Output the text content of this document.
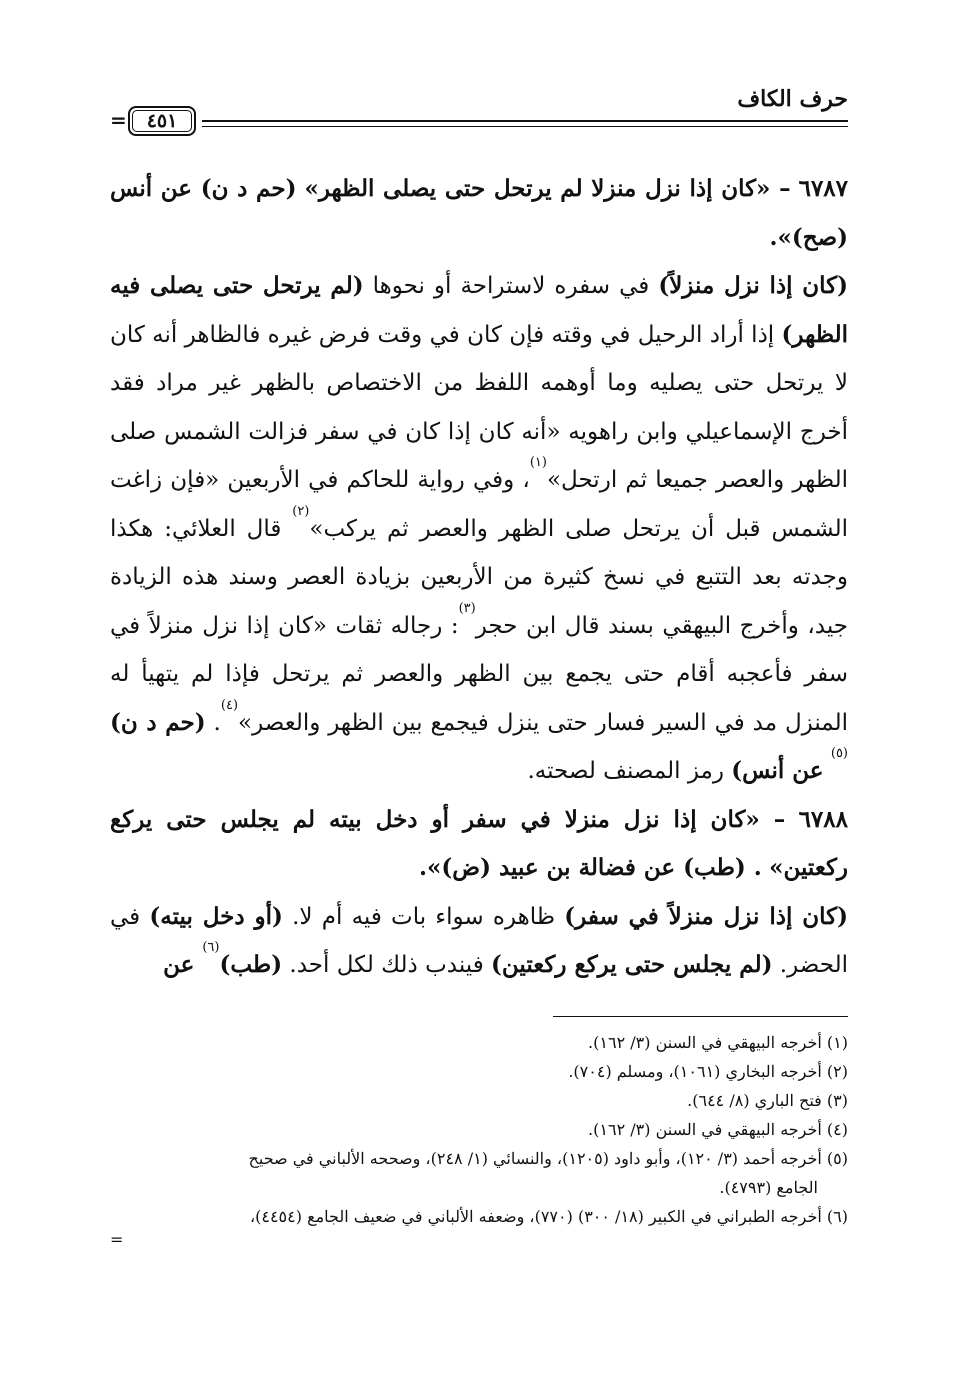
حرف الكاف
٤٥١
=

٦٧٨٧ – «كان إذا نزل منزلا لم يرتحل حتى يصلى الظهر» (حم د ن) عن أنس (صح)».

(كان إذا نزل منزلاً) في سفره لاستراحة أو نحوها (لم يرتحل حتى يصلى فيه الظهر) إذا أراد الرحيل في وقته فإن كان في وقت فرض غيره فالظاهر أنه كان لا يرتحل حتى يصليه وما أوهمه اللفظ من الاختصاص بالظهر غير مراد فقد أخرج الإسماعيلي وابن راهويه «أنه كان إذا كان في سفر فزالت الشمس صلى الظهر والعصر جميعا ثم ارتحل»$^{(١)}$، وفي رواية للحاكم في الأربعين «فإن زاغت الشمس قبل أن يرتحل صلى الظهر والعصر ثم يركب»$^{(٢)}$ قال العلائي: هكذا وجدته بعد التتبع في نسخ كثيرة من الأربعين بزيادة العصر وسند هذه الزيادة جيد، وأخرج البيهقي بسند قال ابن حجر$^{(٣)}$: رجاله ثقات «كان إذا نزل منزلاً في سفر فأعجبه أقام حتى يجمع بين الظهر والعصر ثم يرتحل فإذا لم يتهيأ له المنزل مد في السير فسار حتى ينزل فيجمع بين الظهر والعصر»$^{(٤)}$. (حم د ن)$^{(٥)}$ عن أنس) رمز المصنف لصحته.

٦٧٨٨ – «كان إذا نزل منزلا في سفر أو دخل بيته لم يجلس حتى يركع ركعتين» . (طب) عن فضالة بن عبيد (ض)».

(كان إذا نزل منزلاً في سفر) ظاهره سواء بات فيه أم لا. (أو دخل بيته) في الحضر. (لم يجلس حتى يركع ركعتين) فيندب ذلك لكل أحد. (طب)$^{(٦)}$ عن

(١) أخرجه البيهقي في السنن (٣/ ١٦٢).

(٢) أخرجه البخاري (١٠٦١)، ومسلم (٧٠٤).

(٣) فتح الباري (٨/ ٦٤٤).

(٤) أخرجه البيهقي في السنن (٣/ ١٦٢).

(٥) أخرجه أحمد (٣/ ١٢٠)، وأبو داود (١٢٠٥)، والنسائي (١/ ٢٤٨)، وصححه الألباني في صحيح

الجامع (٤٧٩٣).

(٦) أخرجه الطبراني في الكبير (١٨/ ٣٠٠) (٧٧٠)، وضعفه الألباني في ضعيف الجامع (٤٤٥٤)،

=
